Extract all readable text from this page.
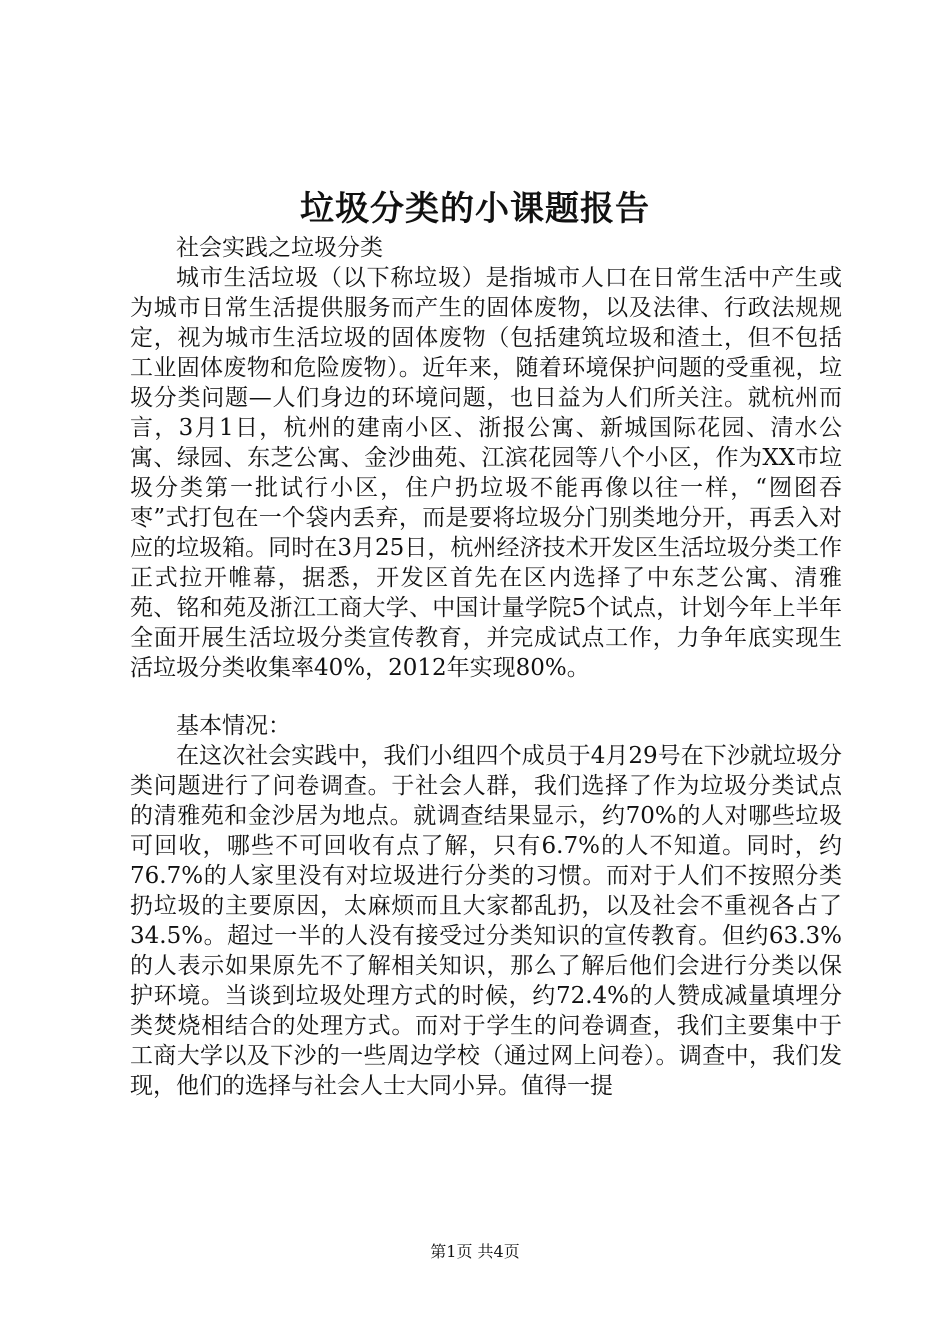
垃圾分类的小课题报告

社会实践之垃圾分类

城市生活垃圾（以下称垃圾）是指城市人口在日常生活中产生或为城市日常生活提供服务而产生的固体废物，以及法律、行政法规规定，视为城市生活垃圾的固体废物（包括建筑垃圾和渣土，但不包括工业固体废物和危险废物）。近年来，随着环境保护问题的受重视，垃圾分类问题—人们身边的环境问题，也日益为人们所关注。就杭州而言，3月1日，杭州的建南小区、浙报公寓、新城国际花园、清水公寓、绿园、东芝公寓、金沙曲苑、江滨花园等八个小区，作为XX市垃圾分类第一批试行小区，住户扔垃圾不能再像以往一样，“囫囵吞枣”式打包在一个袋内丢弃，而是要将垃圾分门别类地分开，再丢入对应的垃圾箱。同时在3月25日，杭州经济技术开发区生活垃圾分类工作正式拉开帷幕，据悉，开发区首先在区内选择了中东芝公寓、清雅苑、铭和苑及浙江工商大学、中国计量学院5个试点，计划今年上半年全面开展生活垃圾分类宣传教育，并完成试点工作，力争年底实现生活垃圾分类收集率40%，2012年实现80%。

基本情况：

在这次社会实践中，我们小组四个成员于4月29号在下沙就垃圾分类问题进行了问卷调查。于社会人群，我们选择了作为垃圾分类试点的清雅苑和金沙居为地点。就调查结果显示，约70%的人对哪些垃圾可回收，哪些不可回收有点了解，只有6.7%的人不知道。同时，约76.7%的人家里没有对垃圾进行分类的习惯。而对于人们不按照分类扔垃圾的主要原因，太麻烦而且大家都乱扔，以及社会不重视各占了34.5%。超过一半的人没有接受过分类知识的宣传教育。但约63.3%的人表示如果原先不了解相关知识，那么了解后他们会进行分类以保护环境。当谈到垃圾处理方式的时候，约72.4%的人赞成减量填埋分类焚烧相结合的处理方式。而对于学生的问卷调查，我们主要集中于工商大学以及下沙的一些周边学校（通过网上问卷）。调查中，我们发现，他们的选择与社会人士大同小异。值得一提

第1页 共4页
